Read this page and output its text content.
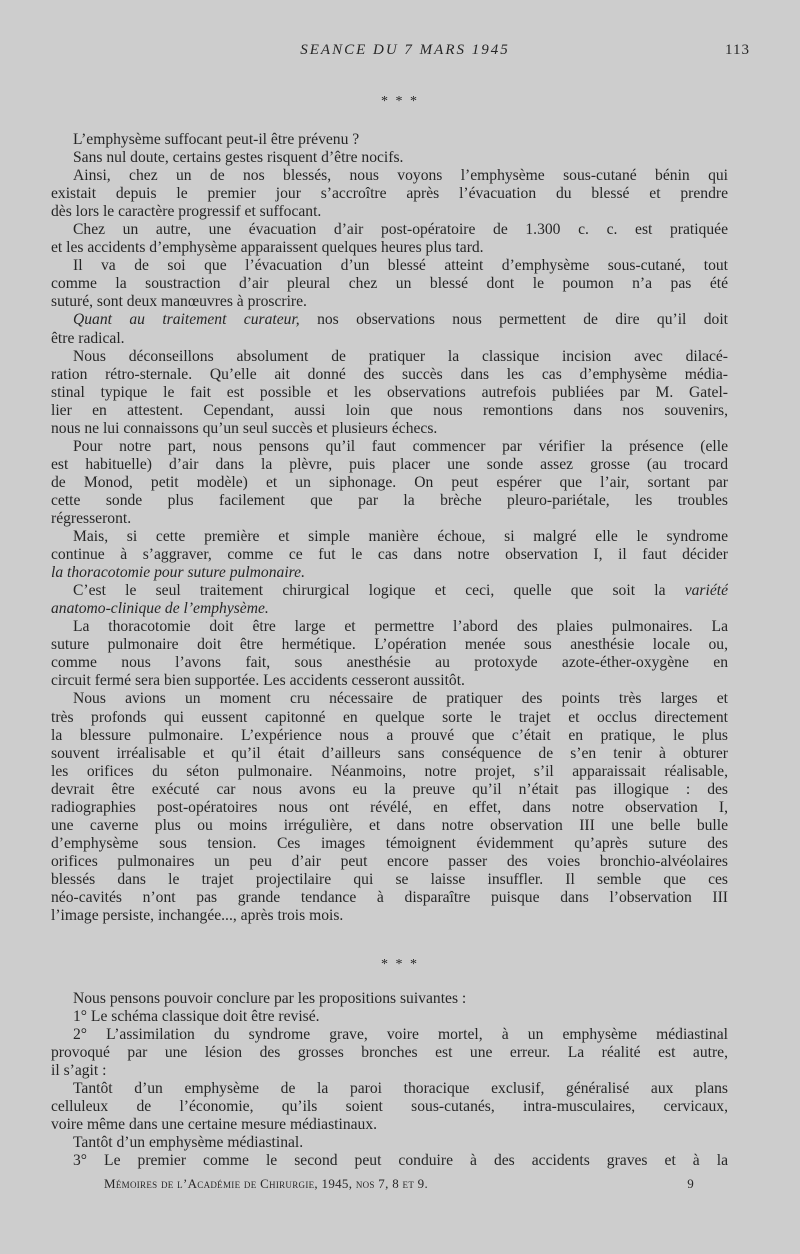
SEANCE DU 7 MARS 1945	113
* * *
L’emphysème suffocant peut-il être prévenu ?
Sans nul doute, certains gestes risquent d’être nocifs.
Ainsi, chez un de nos blessés, nous voyons l’emphysème sous-cutané bénin qui
existait depuis le premier jour s’accroître après l’évacuation du blessé et prendre
dès lors le caractère progressif et suffocant.
Chez un autre, une évacuation d’air post-opératoire de 1.300 c. c. est pratiquée
et les accidents d’emphysème apparaissent quelques heures plus tard.
Il va de soi que l’évacuation d’un blessé atteint d’emphysème sous-cutané, tout
comme la soustraction d’air pleural chez un blessé dont le poumon n’a pas été
suturé, sont deux manœuvres à proscrire.
Quant au traitement curateur, nos observations nous permettent de dire qu’il doit
être radical.
Nous déconseillons absolument de pratiquer la classique incision avec dilacé-
ration rétro-sternale. Qu’elle ait donné des succès dans les cas d’emphysème média-
stinal typique le fait est possible et les observations autrefois publiées par M. Gatel-
lier en attestent. Cependant, aussi loin que nous remontions dans nos souvenirs,
nous ne lui connaissons qu’un seul succès et plusieurs échecs.
Pour notre part, nous pensons qu’il faut commencer par vérifier la présence (elle
est habituelle) d’air dans la plèvre, puis placer une sonde assez grosse (au trocard
de Monod, petit modèle) et un siphonage. On peut espérer que l’air, sortant par
cette sonde plus facilement que par la brèche pleuro-pariétale, les troubles
régresseront.
Mais, si cette première et simple manière échoue, si malgré elle le syndrome
continue à s’aggraver, comme ce fut le cas dans notre observation I, il faut décider
la thoracotomie pour suture pulmonaire.
C’est le seul traitement chirurgical logique et ceci, quelle que soit la variété
anatomo-clinique de l’emphysème.
La thoracotomie doit être large et permettre l’abord des plaies pulmonaires. La
suture pulmonaire doit être hermétique. L’opération menée sous anesthésie locale ou,
comme nous l’avons fait, sous anesthésie au protoxyde azote-éther-oxygène en
circuit fermé sera bien supportée. Les accidents cesseront aussitôt.
Nous avions un moment cru nécessaire de pratiquer des points très larges et
très profonds qui eussent capitonné en quelque sorte le trajet et occlus directement
la blessure pulmonaire. L’expérience nous a prouvé que c’était en pratique, le plus
souvent irréalisable et qu’il était d’ailleurs sans conséquence de s’en tenir à obturer
les orifices du séton pulmonaire. Néanmoins, notre projet, s’il apparaissait réalisable,
devrait être exécuté car nous avons eu la preuve qu’il n’était pas illogique : des
radiographies post-opératoires nous ont révélé, en effet, dans notre observation I,
une caverne plus ou moins irrégulière, et dans notre observation III une belle bulle
d’emphysème sous tension. Ces images témoignent évidemment qu’après suture des
orifices pulmonaires un peu d’air peut encore passer des voies bronchio-alvéolaires
blessés dans le trajet projectilaire qui se laisse insuffler. Il semble que ces
néo-cavités n’ont pas grande tendance à disparaître puisque dans l’observation III
l’image persiste, inchangée..., après trois mois.
* * *
Nous pensons pouvoir conclure par les propositions suivantes :
1° Le schéma classique doit être revisé.
2° L’assimilation du syndrome grave, voire mortel, à un emphysème médiastinal
provoqué par une lésion des grosses bronches est une erreur. La réalité est autre,
il s’agit :
Tantôt d’un emphysème de la paroi thoracique exclusif, généralisé aux plans
celluleux de l’économie, qu’ils soient sous-cutanés, intra-musculaires, cervicaux,
voire même dans une certaine mesure médiastinaux.
Tantôt d’un emphysème médiastinal.
3° Le premier comme le second peut conduire à des accidents graves et à la
Mémoires de l’Académie de Chirurgie, 1945, nos 7, 8 et 9.	9
